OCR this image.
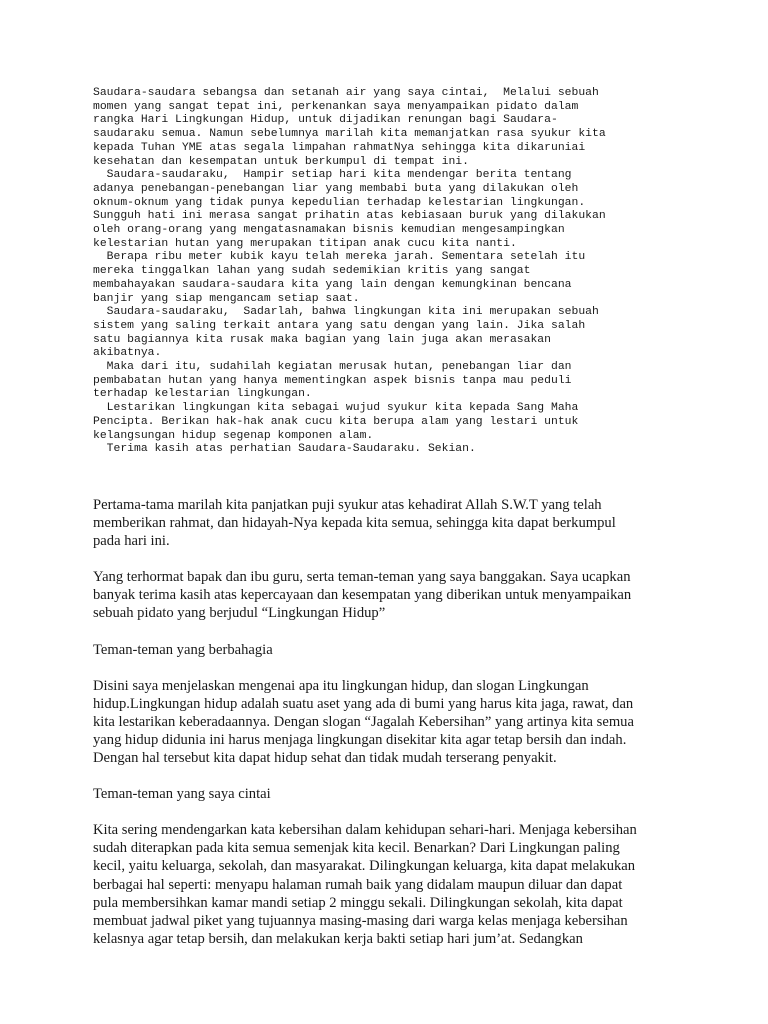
Saudara-saudara sebangsa dan setanah air yang saya cintai,  Melalui sebuah

momen yang sangat tepat ini, perkenankan saya menyampaikan pidato dalam

rangka Hari Lingkungan Hidup, untuk dijadikan renungan bagi Saudara-

saudaraku semua. Namun sebelumnya marilah kita memanjatkan rasa syukur kita

kepada Tuhan YME atas segala limpahan rahmatNya sehingga kita dikaruniai

kesehatan dan kesempatan untuk berkumpul di tempat ini.

Saudara-saudaraku,  Hampir setiap hari kita mendengar berita tentang

adanya penebangan-penebangan liar yang membabi buta yang dilakukan oleh

oknum-oknum yang tidak punya kepedulian terhadap kelestarian lingkungan.

Sungguh hati ini merasa sangat prihatin atas kebiasaan buruk yang dilakukan

oleh orang-orang yang mengatasnamakan bisnis kemudian mengesampingkan

kelestarian hutan yang merupakan titipan anak cucu kita nanti.

Berapa ribu meter kubik kayu telah mereka jarah. Sementara setelah itu

mereka tinggalkan lahan yang sudah sedemikian kritis yang sangat

membahayakan saudara-saudara kita yang lain dengan kemungkinan bencana

banjir yang siap mengancam setiap saat.

Saudara-saudaraku,  Sadarlah, bahwa lingkungan kita ini merupakan sebuah

sistem yang saling terkait antara yang satu dengan yang lain. Jika salah

satu bagiannya kita rusak maka bagian yang lain juga akan merasakan

akibatnya.

Maka dari itu, sudahilah kegiatan merusak hutan, penebangan liar dan

pembabatan hutan yang hanya mementingkan aspek bisnis tanpa mau peduli

terhadap kelestarian lingkungan.

Lestarikan lingkungan kita sebagai wujud syukur kita kepada Sang Maha

Pencipta. Berikan hak-hak anak cucu kita berupa alam yang lestari untuk

kelangsungan hidup segenap komponen alam.

Terima kasih atas perhatian Saudara-Saudaraku. Sekian.

Pertama-tama marilah kita panjatkan puji syukur atas kehadirat Allah S.W.T yang telah
memberikan rahmat, dan hidayah-Nya kepada kita semua, sehingga kita dapat berkumpul
pada hari ini.
Yang terhormat bapak dan ibu guru, serta teman-teman yang saya banggakan. Saya ucapkan
banyak terima kasih atas kepercayaan dan kesempatan yang diberikan untuk menyampaikan
sebuah pidato yang berjudul “Lingkungan Hidup”
Teman-teman yang berbahagia
Disini saya menjelaskan mengenai apa itu lingkungan hidup, dan slogan Lingkungan
hidup.Lingkungan hidup adalah suatu aset yang ada di bumi yang harus kita jaga, rawat, dan
kita lestarikan keberadaannya. Dengan slogan “Jagalah Kebersihan” yang artinya kita semua
yang hidup didunia ini harus menjaga lingkungan disekitar kita agar tetap bersih dan indah.
Dengan hal tersebut kita dapat hidup sehat dan tidak mudah terserang penyakit.
Teman-teman yang saya cintai
Kita sering mendengarkan kata kebersihan dalam kehidupan sehari-hari. Menjaga kebersihan
sudah diterapkan pada kita semua semenjak kita kecil. Benarkan? Dari Lingkungan paling
kecil, yaitu keluarga, sekolah, dan masyarakat. Dilingkungan keluarga, kita dapat melakukan
berbagai hal seperti: menyapu halaman rumah baik yang didalam maupun diluar dan dapat
pula membersihkan kamar mandi setiap 2 minggu sekali. Dilingkungan sekolah, kita dapat
membuat jadwal piket yang tujuannya masing-masing dari warga kelas menjaga kebersihan
kelasnya agar tetap bersih, dan melakukan kerja bakti setiap hari jum’at. Sedangkan
